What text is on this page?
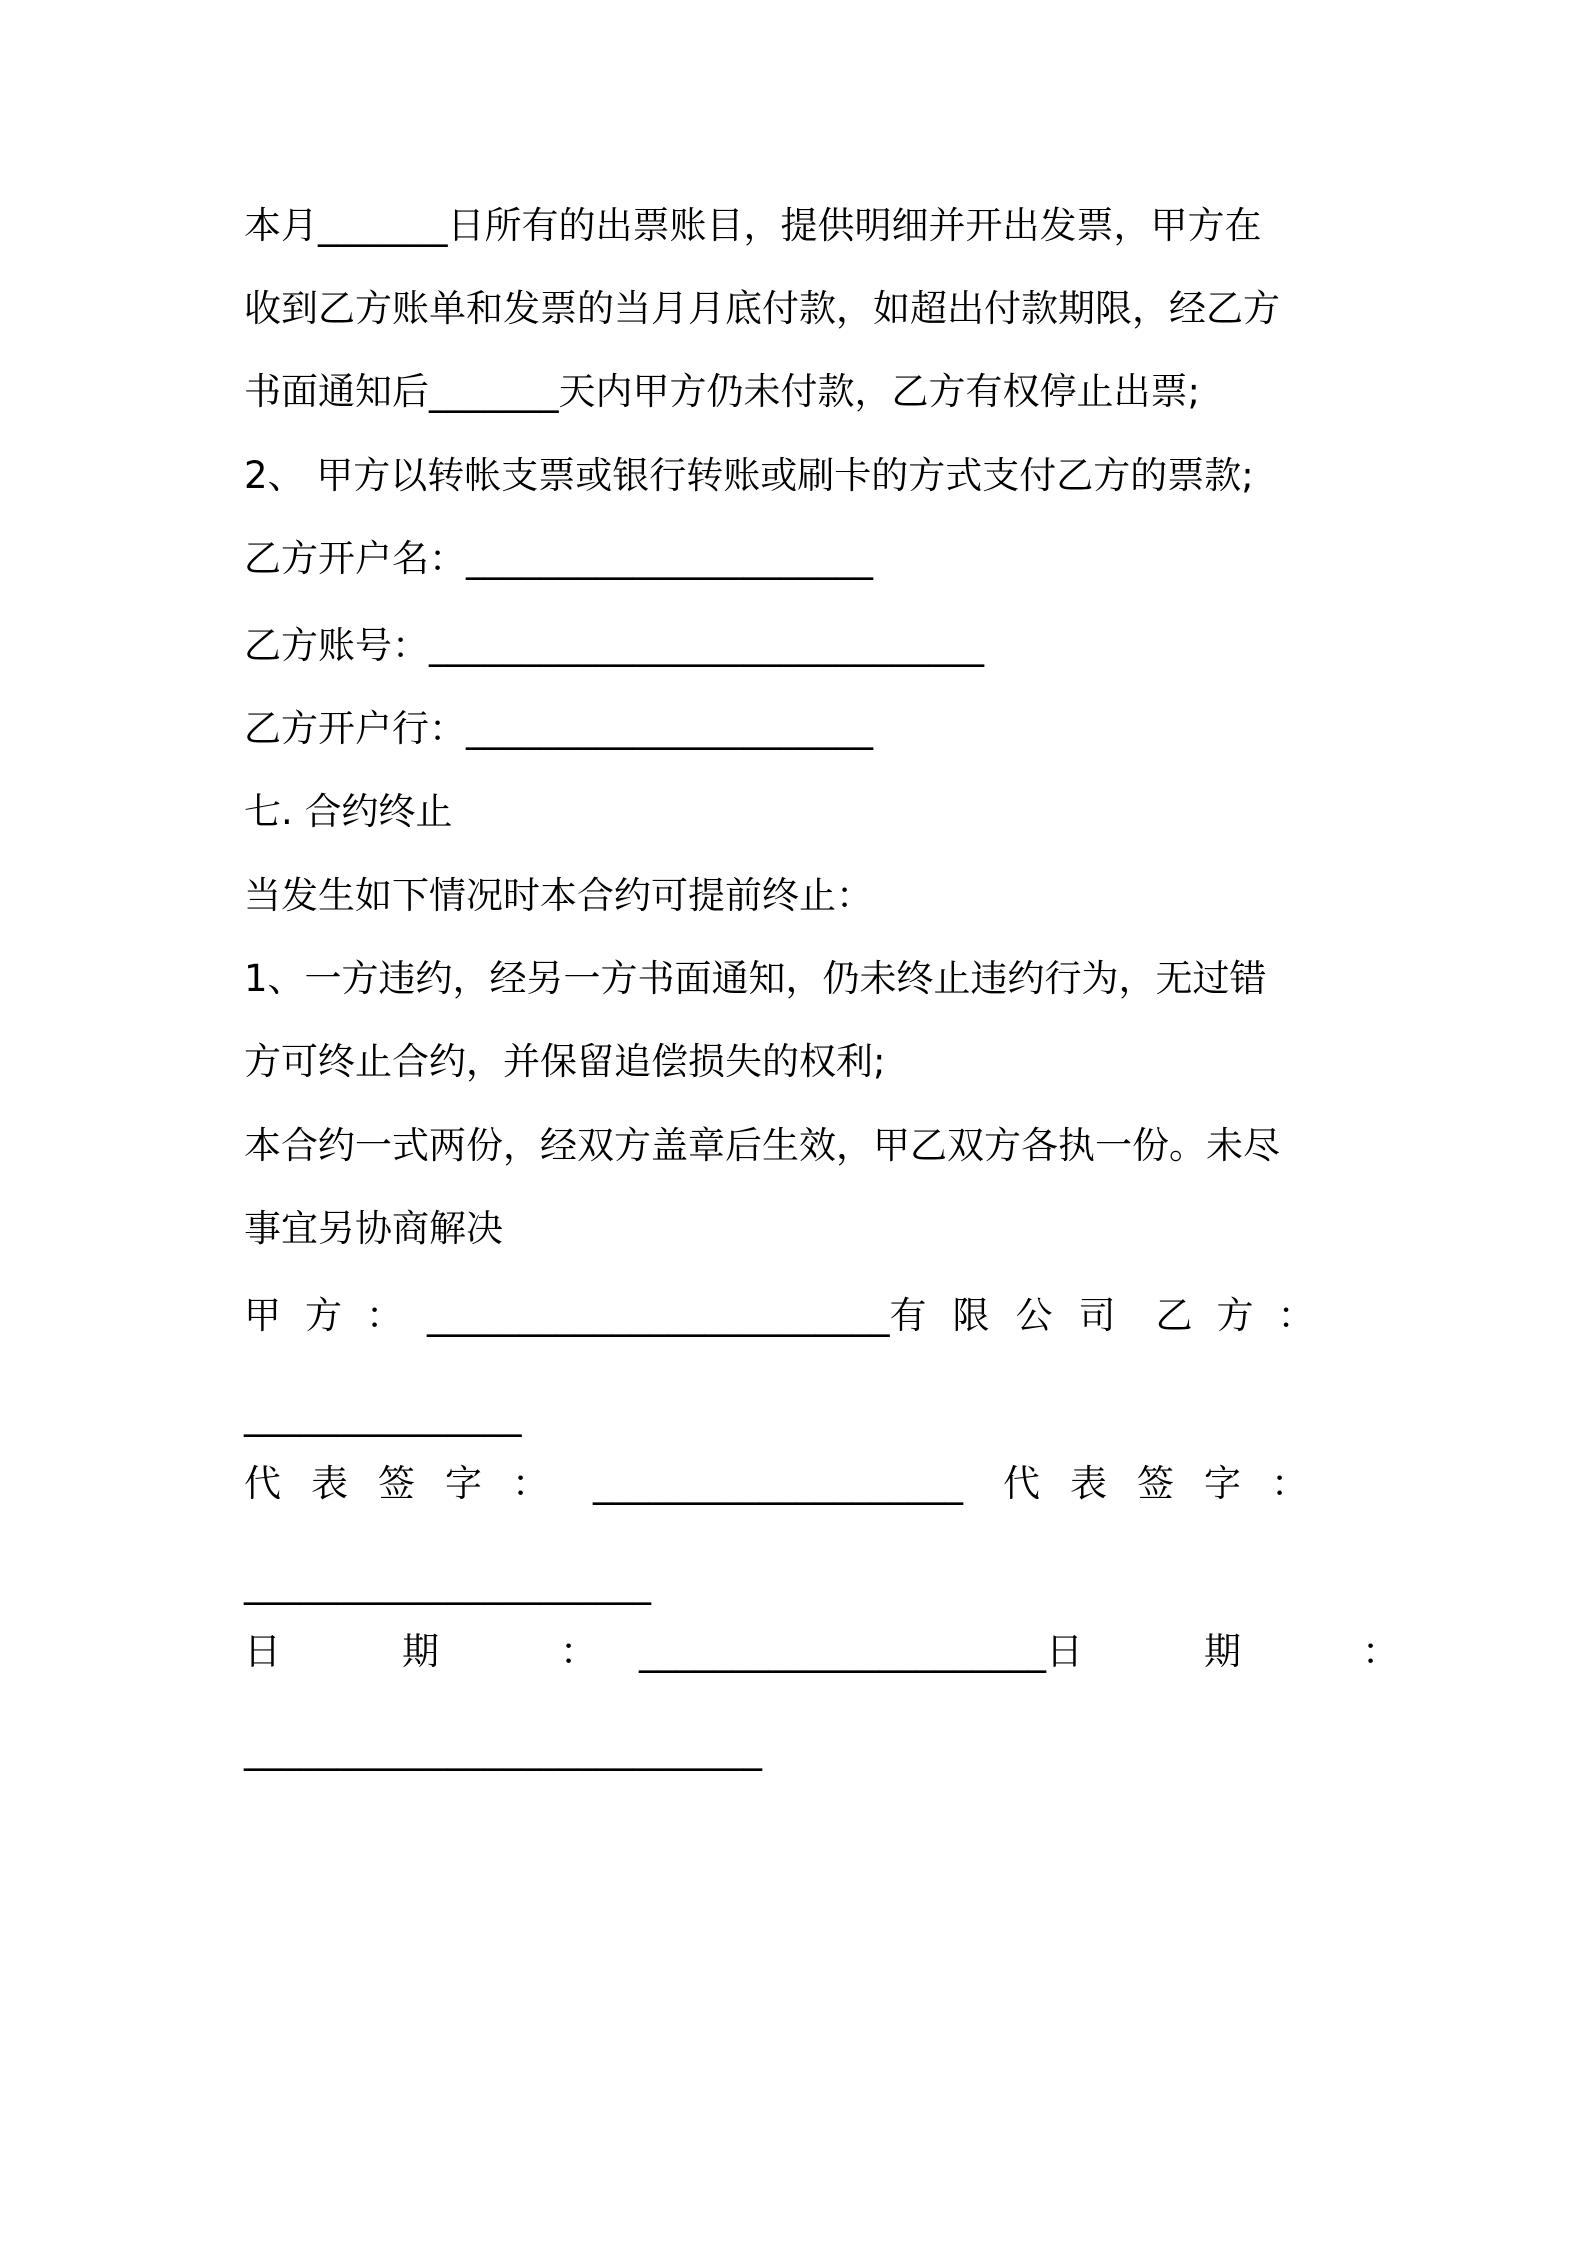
本月_______日所有的出票账目，提供明细并开出发票，甲方在
收到乙方账单和发票的当月月底付款，如超出付款期限，经乙方
书面通知后_______天内甲方仍未付款，乙方有权停止出票;
2、 甲方以转帐支票或银行转账或刷卡的方式支付乙方的票款;
乙方开户名：______________________
乙方账号：______________________________
乙方开户行：______________________
七. 合约终止
当发生如下情况时本合约可提前终止：
1、一方违约，经另一方书面通知，仍未终止违约行为，无过错
方可终止合约，并保留追偿损失的权利;
本合约一式两份，经双方盖章后生效，甲乙双方各执一份。未尽
事宜另协商解决
甲方： _________________________ 有限公司 乙方：
_______________
代表签字： ____________________ 代表签字：
______________________
日　期　： ______________________ 日　期　：
____________________________
